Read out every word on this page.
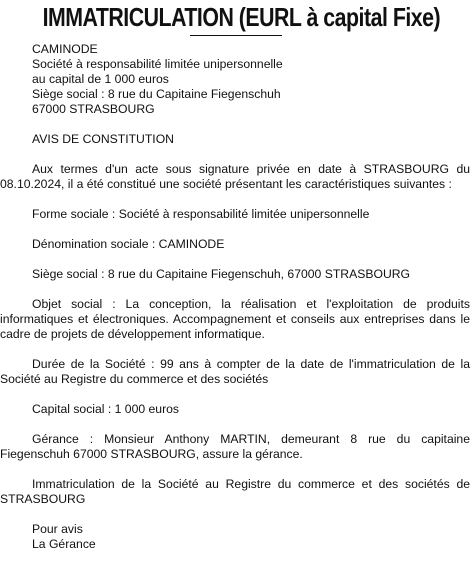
IMMATRICULATION (EURL à capital Fixe)
CAMINODE
Société à responsabilité limitée unipersonnelle
au capital de 1 000 euros
Siège social : 8 rue du Capitaine Fiegenschuh
67000 STRASBOURG
AVIS DE CONSTITUTION

Aux termes d'un acte sous signature privée en date à STRASBOURG du 08.10.2024, il a été constitué une société présentant les caractéristiques suivantes :

Forme sociale : Société à responsabilité limitée unipersonnelle
Dénomination sociale : CAMINODE
Siège social : 8 rue du Capitaine Fiegenschuh, 67000 STRASBOURG

Objet social : La conception, la réalisation et l'exploitation de produits informatiques et électroniques. Accompagnement et conseils aux entreprises dans le cadre de projets de développement informatique.

Durée de la Société : 99 ans à compter de la date de l'immatriculation de la Société au Registre du commerce et des sociétés

Capital social : 1 000 euros

Gérance : Monsieur Anthony MARTIN, demeurant 8 rue du capitaine Fiegenschuh 67000 STRASBOURG, assure la gérance.

Immatriculation de la Société au Registre du commerce et des sociétés de STRASBOURG

Pour avis
La Gérance
